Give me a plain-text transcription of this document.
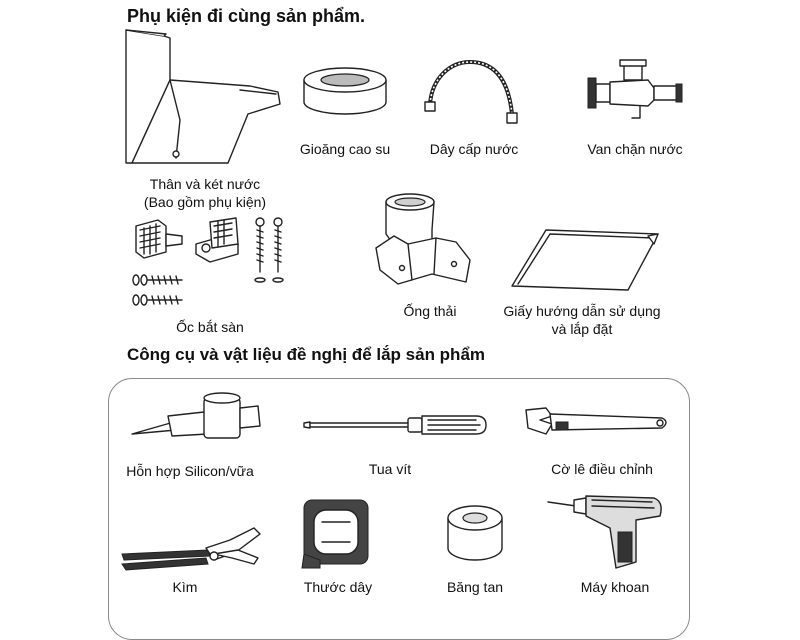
Phụ kiện đi cùng sản phẩm.
Gioăng cao su	Dây cấp nước	Van chặn nước
Thân và két nước
(Bao gồm phụ kiện)
Ốc bắt sàn
Ống thải	Giấy hướng dẫn sử dụng
và lắp đặt
Công cụ và vật liệu đề nghị để lắp sản phẩm
Hỗn hợp Silicon/vữa	Tua vít	Cờ lê điều chỉnh
Kìm	Thước dây	Băng tan	Máy khoan
